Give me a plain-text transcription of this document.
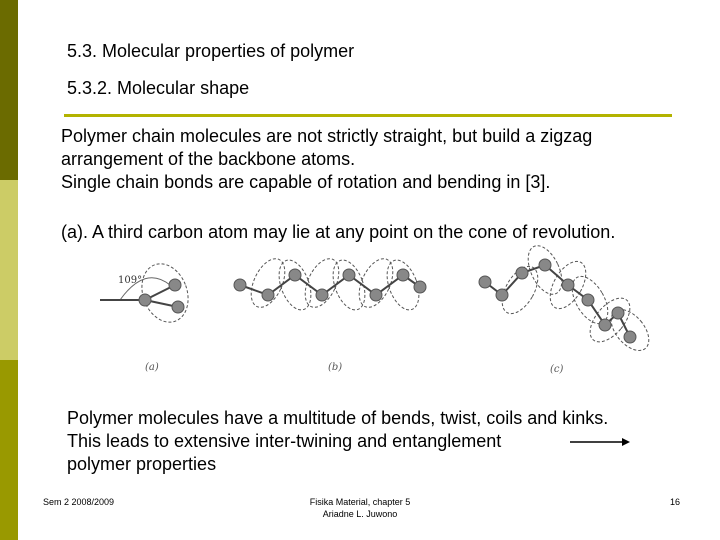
5.3. Molecular properties of polymer
5.3.2. Molecular shape
Polymer chain molecules are not strictly straight, but build a zigzag
arrangement of the backbone atoms.
Single chain bonds are capable of rotation and bending in [3].
(a). A third carbon atom may lie at any point on the cone of revolution.
109°
(a)	(b)	(c)
Polymer molecules have a multitude of bends, twist, coils and kinks.
This leads to extensive inter-twining and entanglement
polymer properties
Sem 2 2008/2009	Fisika Material, chapter 5
Ariadne L. Juwono
16
